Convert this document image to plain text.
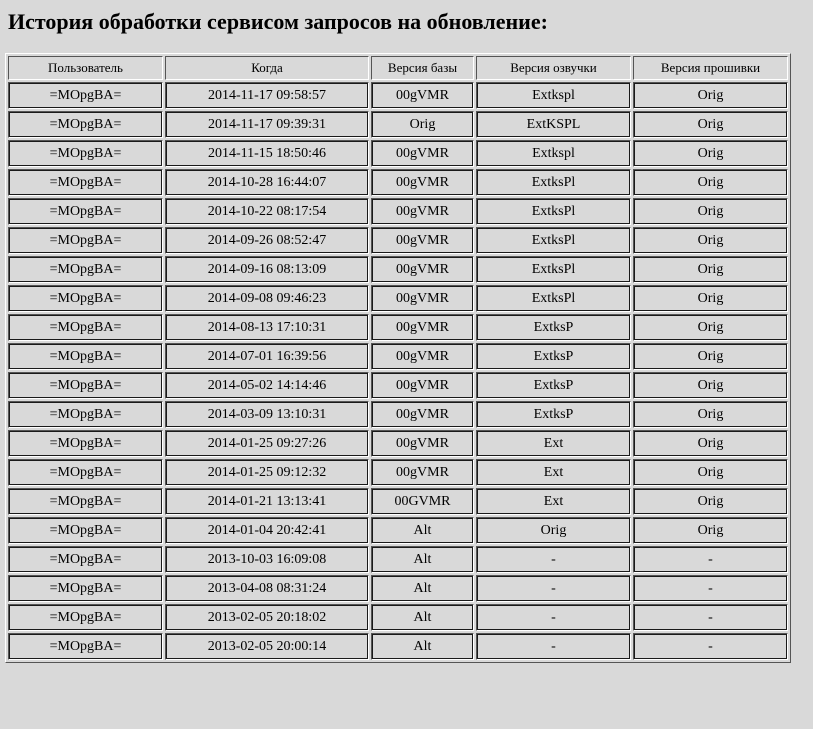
История обработки сервисом запросов на обновление:
Пользователь	Когда	Версия базы	Версия озвучки	Версия прошивки
=MOpgBA=	2014-11-17 09:58:57	00gVMR	Extkspl	Orig
=MOpgBA=	2014-11-17 09:39:31	Orig	ExtKSPL	Orig
=MOpgBA=	2014-11-15 18:50:46	00gVMR	Extkspl	Orig
=MOpgBA=	2014-10-28 16:44:07	00gVMR	ExtksPl	Orig
=MOpgBA=	2014-10-22 08:17:54	00gVMR	ExtksPl	Orig
=MOpgBA=	2014-09-26 08:52:47	00gVMR	ExtksPl	Orig
=MOpgBA=	2014-09-16 08:13:09	00gVMR	ExtksPl	Orig
=MOpgBA=	2014-09-08 09:46:23	00gVMR	ExtksPl	Orig
=MOpgBA=	2014-08-13 17:10:31	00gVMR	ExtksP	Orig
=MOpgBA=	2014-07-01 16:39:56	00gVMR	ExtksP	Orig
=MOpgBA=	2014-05-02 14:14:46	00gVMR	ExtksP	Orig
=MOpgBA=	2014-03-09 13:10:31	00gVMR	ExtksP	Orig
=MOpgBA=	2014-01-25 09:27:26	00gVMR	Ext	Orig
=MOpgBA=	2014-01-25 09:12:32	00gVMR	Ext	Orig
=MOpgBA=	2014-01-21 13:13:41	00GVMR	Ext	Orig
=MOpgBA=	2014-01-04 20:42:41	Alt	Orig	Orig
=MOpgBA=	2013-10-03 16:09:08	Alt	-	-
=MOpgBA=	2013-04-08 08:31:24	Alt	-	-
=MOpgBA=	2013-02-05 20:18:02	Alt	-	-
=MOpgBA=	2013-02-05 20:00:14	Alt	-	-
